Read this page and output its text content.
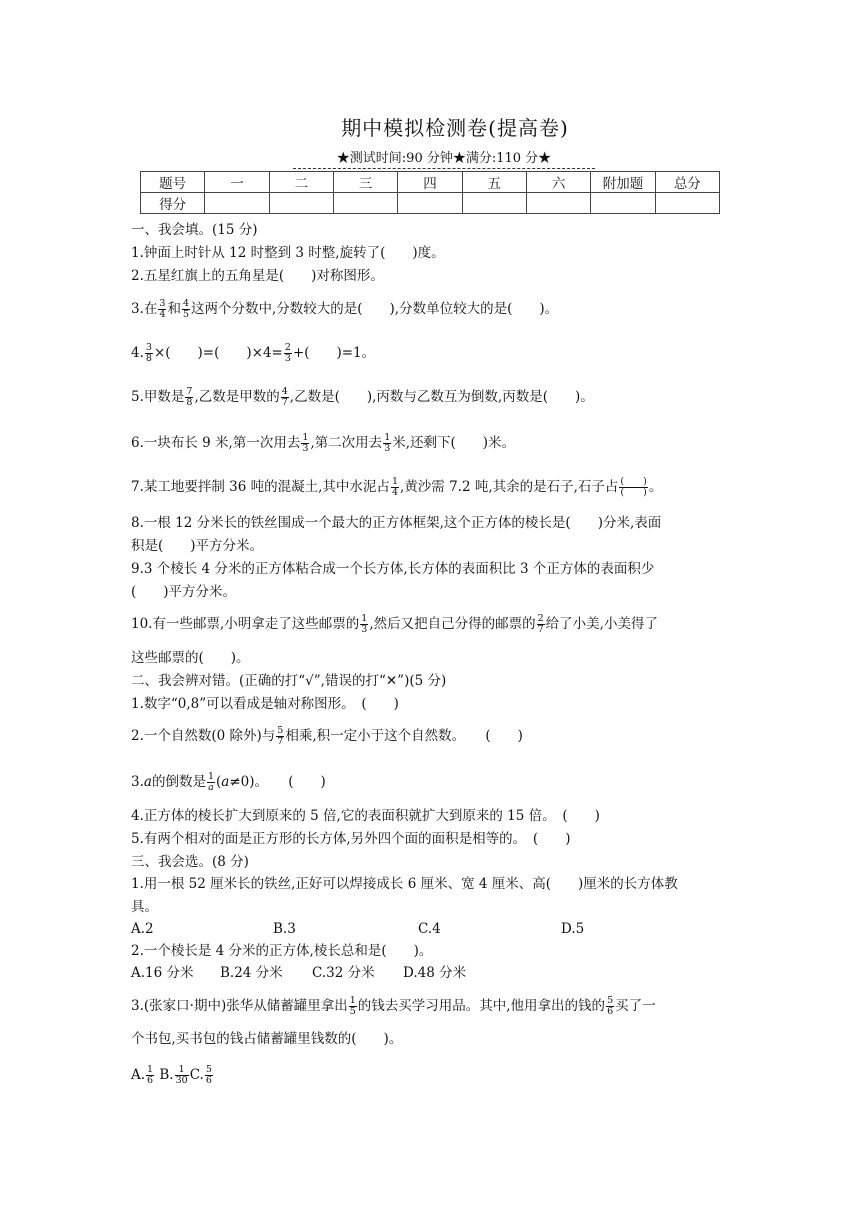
期中模拟检测卷(提高卷)
★测试时间:90 分钟★满分:110 分★
题号	一	二	三	四	五	六	附加题	总分
得分								
一、我会填。(15 分)
1.钟面上时针从 12 时整到 3 时整,旋转了(　　)度。
2.五星红旗上的五角星是(　　)对称图形。
3.在 $\frac{3}{4}$ 和 $\frac{4}{5}$ 这两个分数中,分数较大的是(　　),分数单位较大的是(　　)。
4. $\frac{3}{8}$ ×(　　)=(　　)$\times 4= \frac{2}{3}$ +(　　)=1。
5.甲数是 $\frac{7}{8}$ ,乙数是甲数的 $\frac{4}{7}$ ,乙数是(　　),丙数与乙数互为倒数,丙数是(　　)。
6.一块布长 9 米,第一次用去 $\frac{1}{3}$ ,第二次用去 $\frac{1}{3}$ 米,还剩下(　　)米。
7.某工地要拌制 36 吨的混凝土,其中水泥占 $\frac{1}{4}$ ,黄沙需 7.2 吨,其余的是石子,石子占 $\frac{( )}{( )}$ 。
8.一根 12 分米长的铁丝围成一个最大的正方体框架,这个正方体的棱长是(　　)分米,表面
积是(　　)平方分米。
9.3 个棱长 4 分米的正方体粘合成一个长方体,长方体的表面积比 3 个正方体的表面积少
(　　)平方分米。
10.有一些邮票,小明拿走了这些邮票的 $\frac{1}{3}$ ,然后又把自己分得的邮票的 $\frac{2}{7}$ 给了小美,小美得了
这些邮票的(　　)。
二、我会辨对错。(正确的打“√”,错误的打“✕”)(5 分)
1.数字“0,8”可以看成是轴对称图形。　(　　)
2.一个自然数(0 除外)与 $\frac{5}{7}$ 相乘,积一定小于这个自然数。　　(　　)
3.a的倒数是 $\frac{1}{a} (a\ne 0)$。　　(　　)
4.正方体的棱长扩大到原来的 5 倍,它的表面积就扩大到原来的 15 倍。　(　　)
5.有两个相对的面是正方形的长方体,另外四个面的面积是相等的。　(　　)
三、我会选。(8 分)
1.用一根 52 厘米长的铁丝,正好可以焊接成长 6 厘米、宽 4 厘米、高(　　)厘米的长方体教
具。
A.2	B.3	C.4	D.5
2.一个棱长是 4 分米的正方体,棱长总和是(　　)。
A.16 分米 B.24 分米 C.32 分米 D.48 分米
3.(张家口·期中)张华从储蓄罐里拿出 $\frac{1}{5}$ 的钱去买学习用品。其中,他用拿出的钱的 $\frac{5}{6}$ 买了一
个书包,买书包的钱占储蓄罐里钱数的(　　)。
A. $\frac{1}{6} B$. $\frac{1}{30} C$. $\frac{5}{6}$
